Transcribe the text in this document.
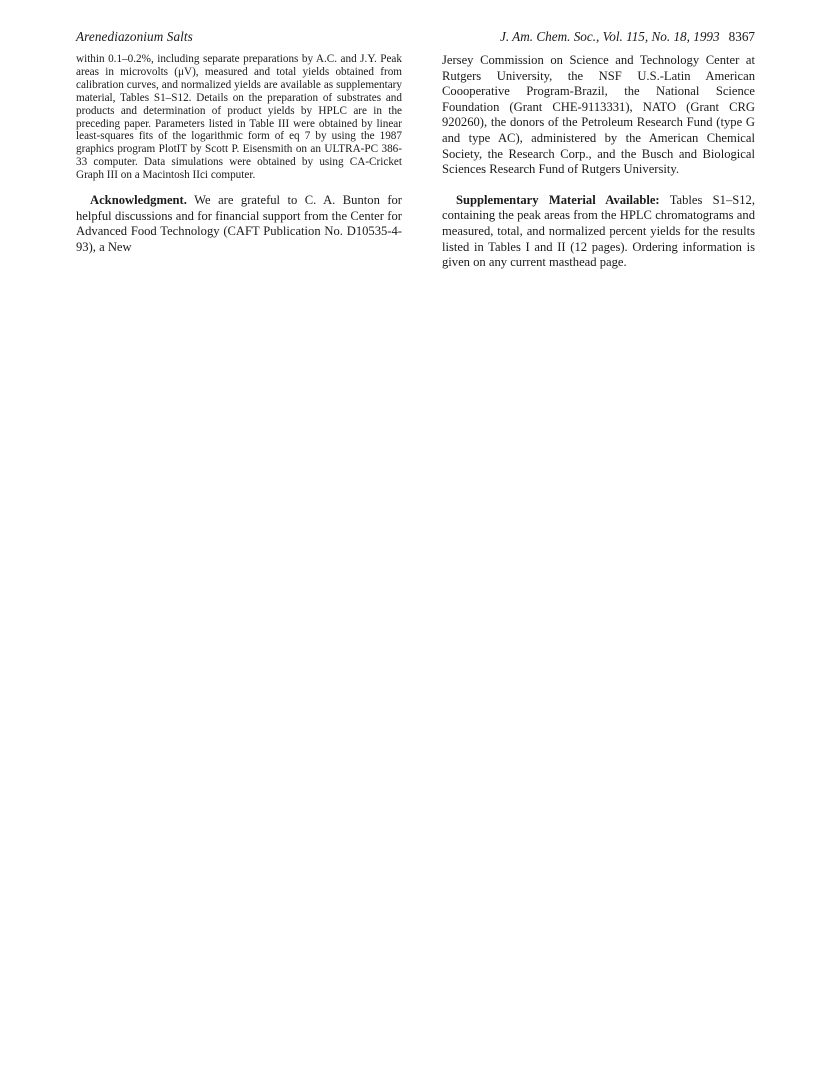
Arenediazonium Salts	J. Am. Chem. Soc., Vol. 115, No. 18, 1993 8367

within 0.1–0.2%, including separate preparations by A.C. and J.Y. Peak areas in microvolts (μV), measured and total yields obtained from calibration curves, and normalized yields are available as supplementary material, Tables S1–S12. Details on the preparation of substrates and products and determination of product yields by HPLC are in the preceding paper. Parameters listed in Table III were obtained by linear least-squares fits of the logarithmic form of eq 7 by using the 1987 graphics program PlotIT by Scott P. Eisensmith on an ULTRA-PC 386-33 computer. Data simulations were obtained by using CA-Cricket Graph III on a Macintosh IIci computer.

Acknowledgment. We are grateful to C. A. Bunton for helpful discussions and for financial support from the Center for Advanced Food Technology (CAFT Publication No. D10535-4-93), a New

Jersey Commission on Science and Technology Center at Rutgers University, the NSF U.S.-Latin American Coooperative Program-Brazil, the National Science Foundation (Grant CHE-9113331), NATO (Grant CRG 920260), the donors of the Petroleum Research Fund (type G and type AC), administered by the American Chemical Society, the Research Corp., and the Busch and Biological Sciences Research Fund of Rutgers University.

Supplementary Material Available: Tables S1–S12, containing the peak areas from the HPLC chromatograms and measured, total, and normalized percent yields for the results listed in Tables I and II (12 pages). Ordering information is given on any current masthead page.
